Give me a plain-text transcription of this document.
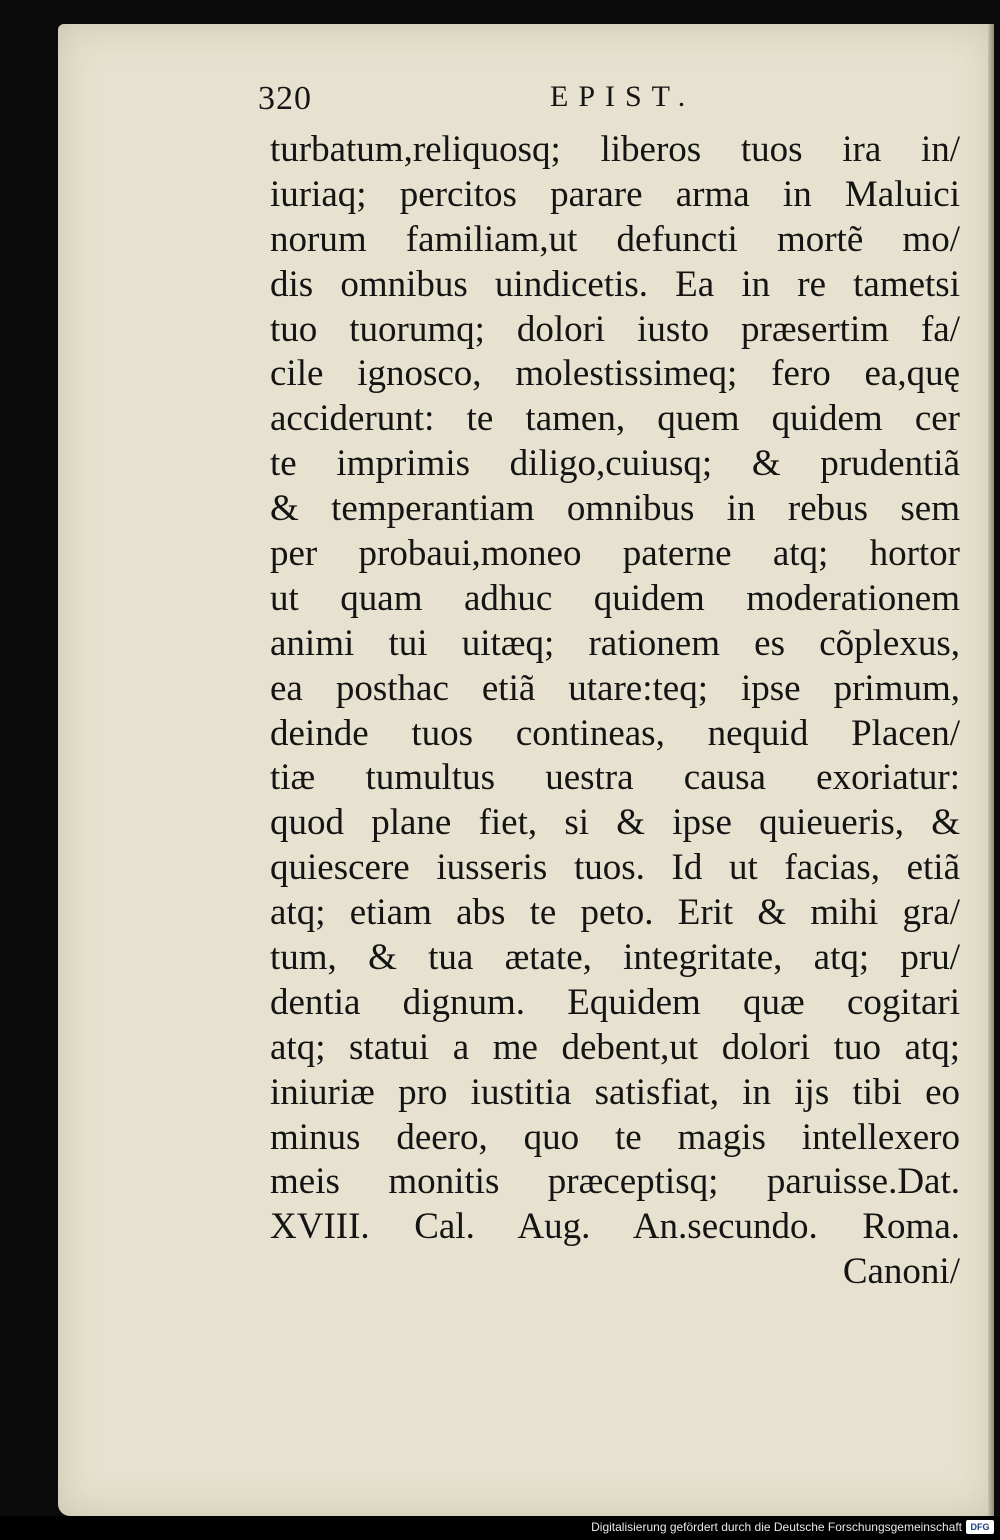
320	EPIST.
turbatum,reliquosq; liberos tuos ira in/
iuriaq; percitos parare arma in Maluici
norum familiam,ut defuncti mortẽ mo/
dis omnibus uindicetis. Ea in re tametsi
tuo tuorumq; dolori iusto præsertim fa/
cile ignosco, molestissimeq; fero ea,quę
acciderunt: te tamen, quem quidem cer
te imprimis diligo,cuiusq; & prudentiã
& temperantiam omnibus in rebus sem
per probaui,moneo paterne atq; hortor
ut quam adhuc quidem moderationem
animi tui uitæq; rationem es cõplexus,
ea posthac etiã utare:teq; ipse primum,
deinde tuos contineas, nequid Placen/
tiæ tumultus uestra causa exoriatur:
quod plane fiet, si & ipse quieueris, &
quiescere iusseris tuos. Id ut facias, etiã
atq; etiam abs te peto. Erit & mihi gra/
tum, & tua ætate, integritate, atq; pru/
dentia dignum. Equidem quæ cogitari
atq; statui a me debent,ut dolori tuo atq;
iniuriæ pro iustitia satisfiat, in ijs tibi eo
minus deero, quo te magis intellexero
meis monitis præceptisq; paruisse.Dat.
XVIII. Cal. Aug. An.secundo. Roma.
Canoni/
Digitalisierung gefördert durch die Deutsche Forschungsgemeinschaft DFG
